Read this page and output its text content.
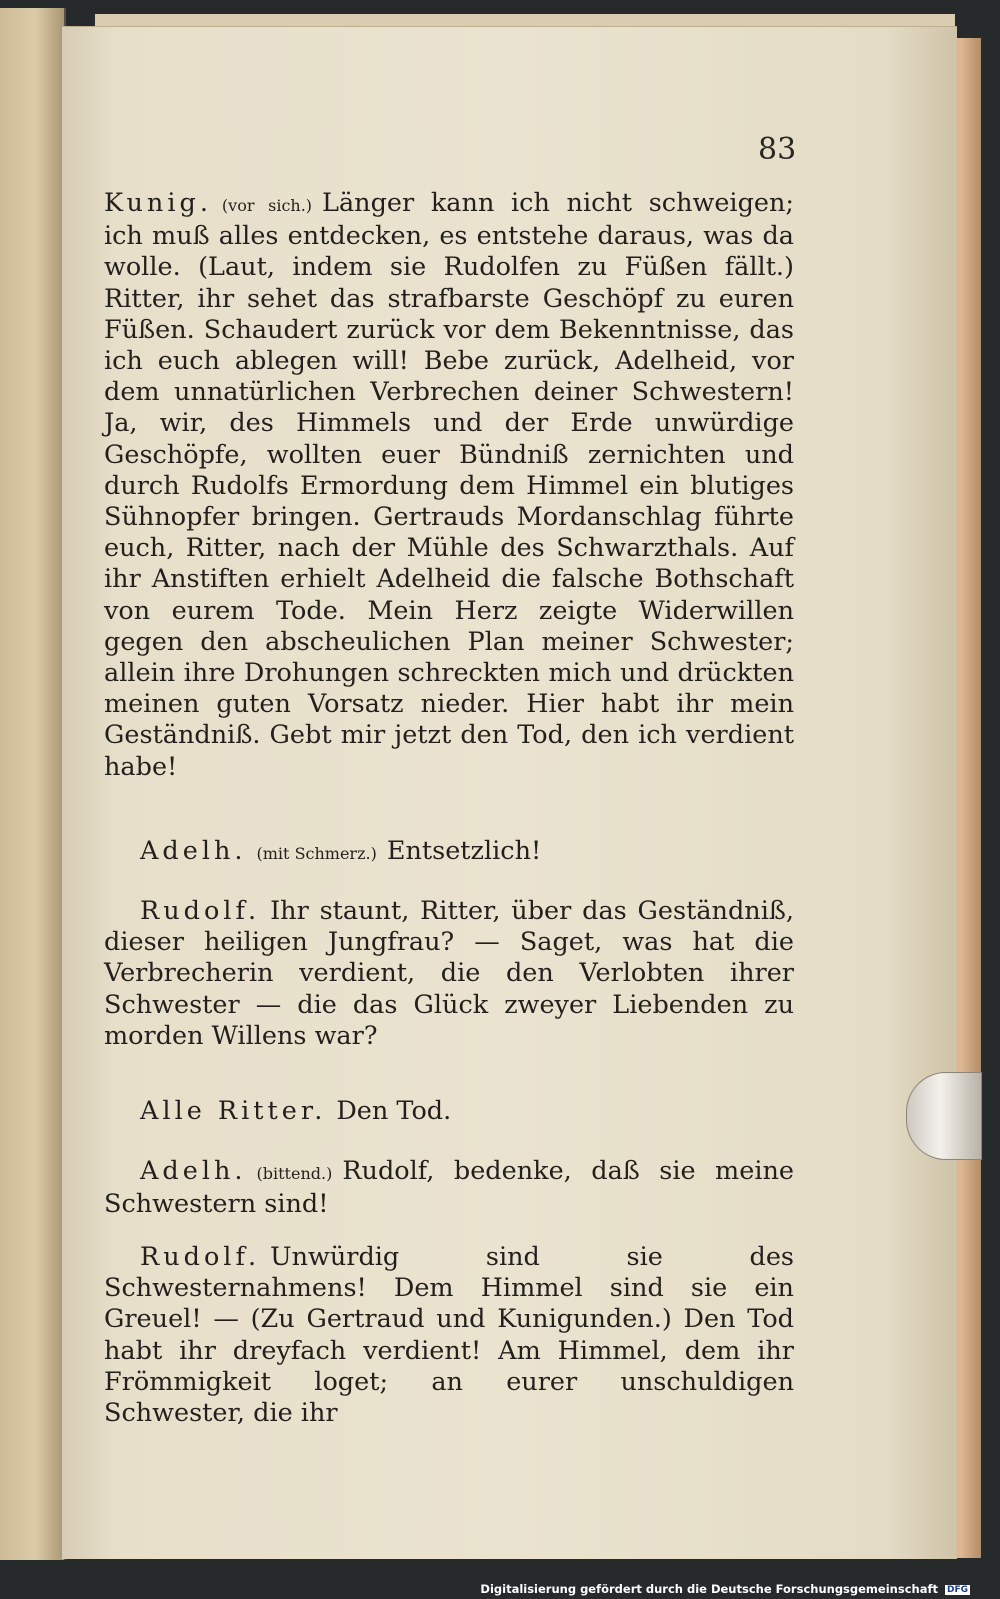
83

Kunig. (vor sich.) Länger kann ich nicht schweigen; ich muß alles entdecken, es entstehe daraus, was da wolle. (Laut, indem sie Rudolfen zu Füßen fällt.) Ritter, ihr sehet das strafbarste Geschöpf zu euren Füßen. Schaudert zurück vor dem Bekenntnisse, das ich euch ablegen will! Bebe zurück, Adelheid, vor dem unnatürlichen Verbrechen deiner Schwestern! Ja, wir, des Himmels und der Erde unwürdige Geschöpfe, wollten euer Bündniß zernichten und durch Rudolfs Ermordung dem Himmel ein blutiges Sühnopfer bringen. Gertrauds Mordanschlag führte euch, Ritter, nach der Mühle des Schwarzthals. Auf ihr Anstiften erhielt Adelheid die falsche Bothschaft von eurem Tode. Mein Herz zeigte Widerwillen gegen den abscheulichen Plan meiner Schwester; allein ihre Drohungen schreckten mich und drückten meinen guten Vorsatz nieder. Hier habt ihr mein Geständniß. Gebt mir jetzt den Tod, den ich verdient habe!

Adelh. (mit Schmerz.) Entsetzlich!

Rudolf. Ihr staunt, Ritter, über das Geständniß, dieser heiligen Jungfrau? — Saget, was hat die Verbrecherin verdient, die den Verlobten ihrer Schwester — die das Glück zweyer Liebenden zu morden Willens war?

Alle Ritter. Den Tod.

Adelh. (bittend.) Rudolf, bedenke, daß sie meine Schwestern sind!

Rudolf. Unwürdig sind sie des Schwesternahmens! Dem Himmel sind sie ein Greuel! — (Zu Gertraud und Kunigunden.) Den Tod habt ihr dreyfach verdient! Am Himmel, dem ihr Frömmigkeit loget; an eurer unschuldigen Schwester, die ihr

Digitalisierung gefördert durch die Deutsche Forschungsgemeinschaft DFG
